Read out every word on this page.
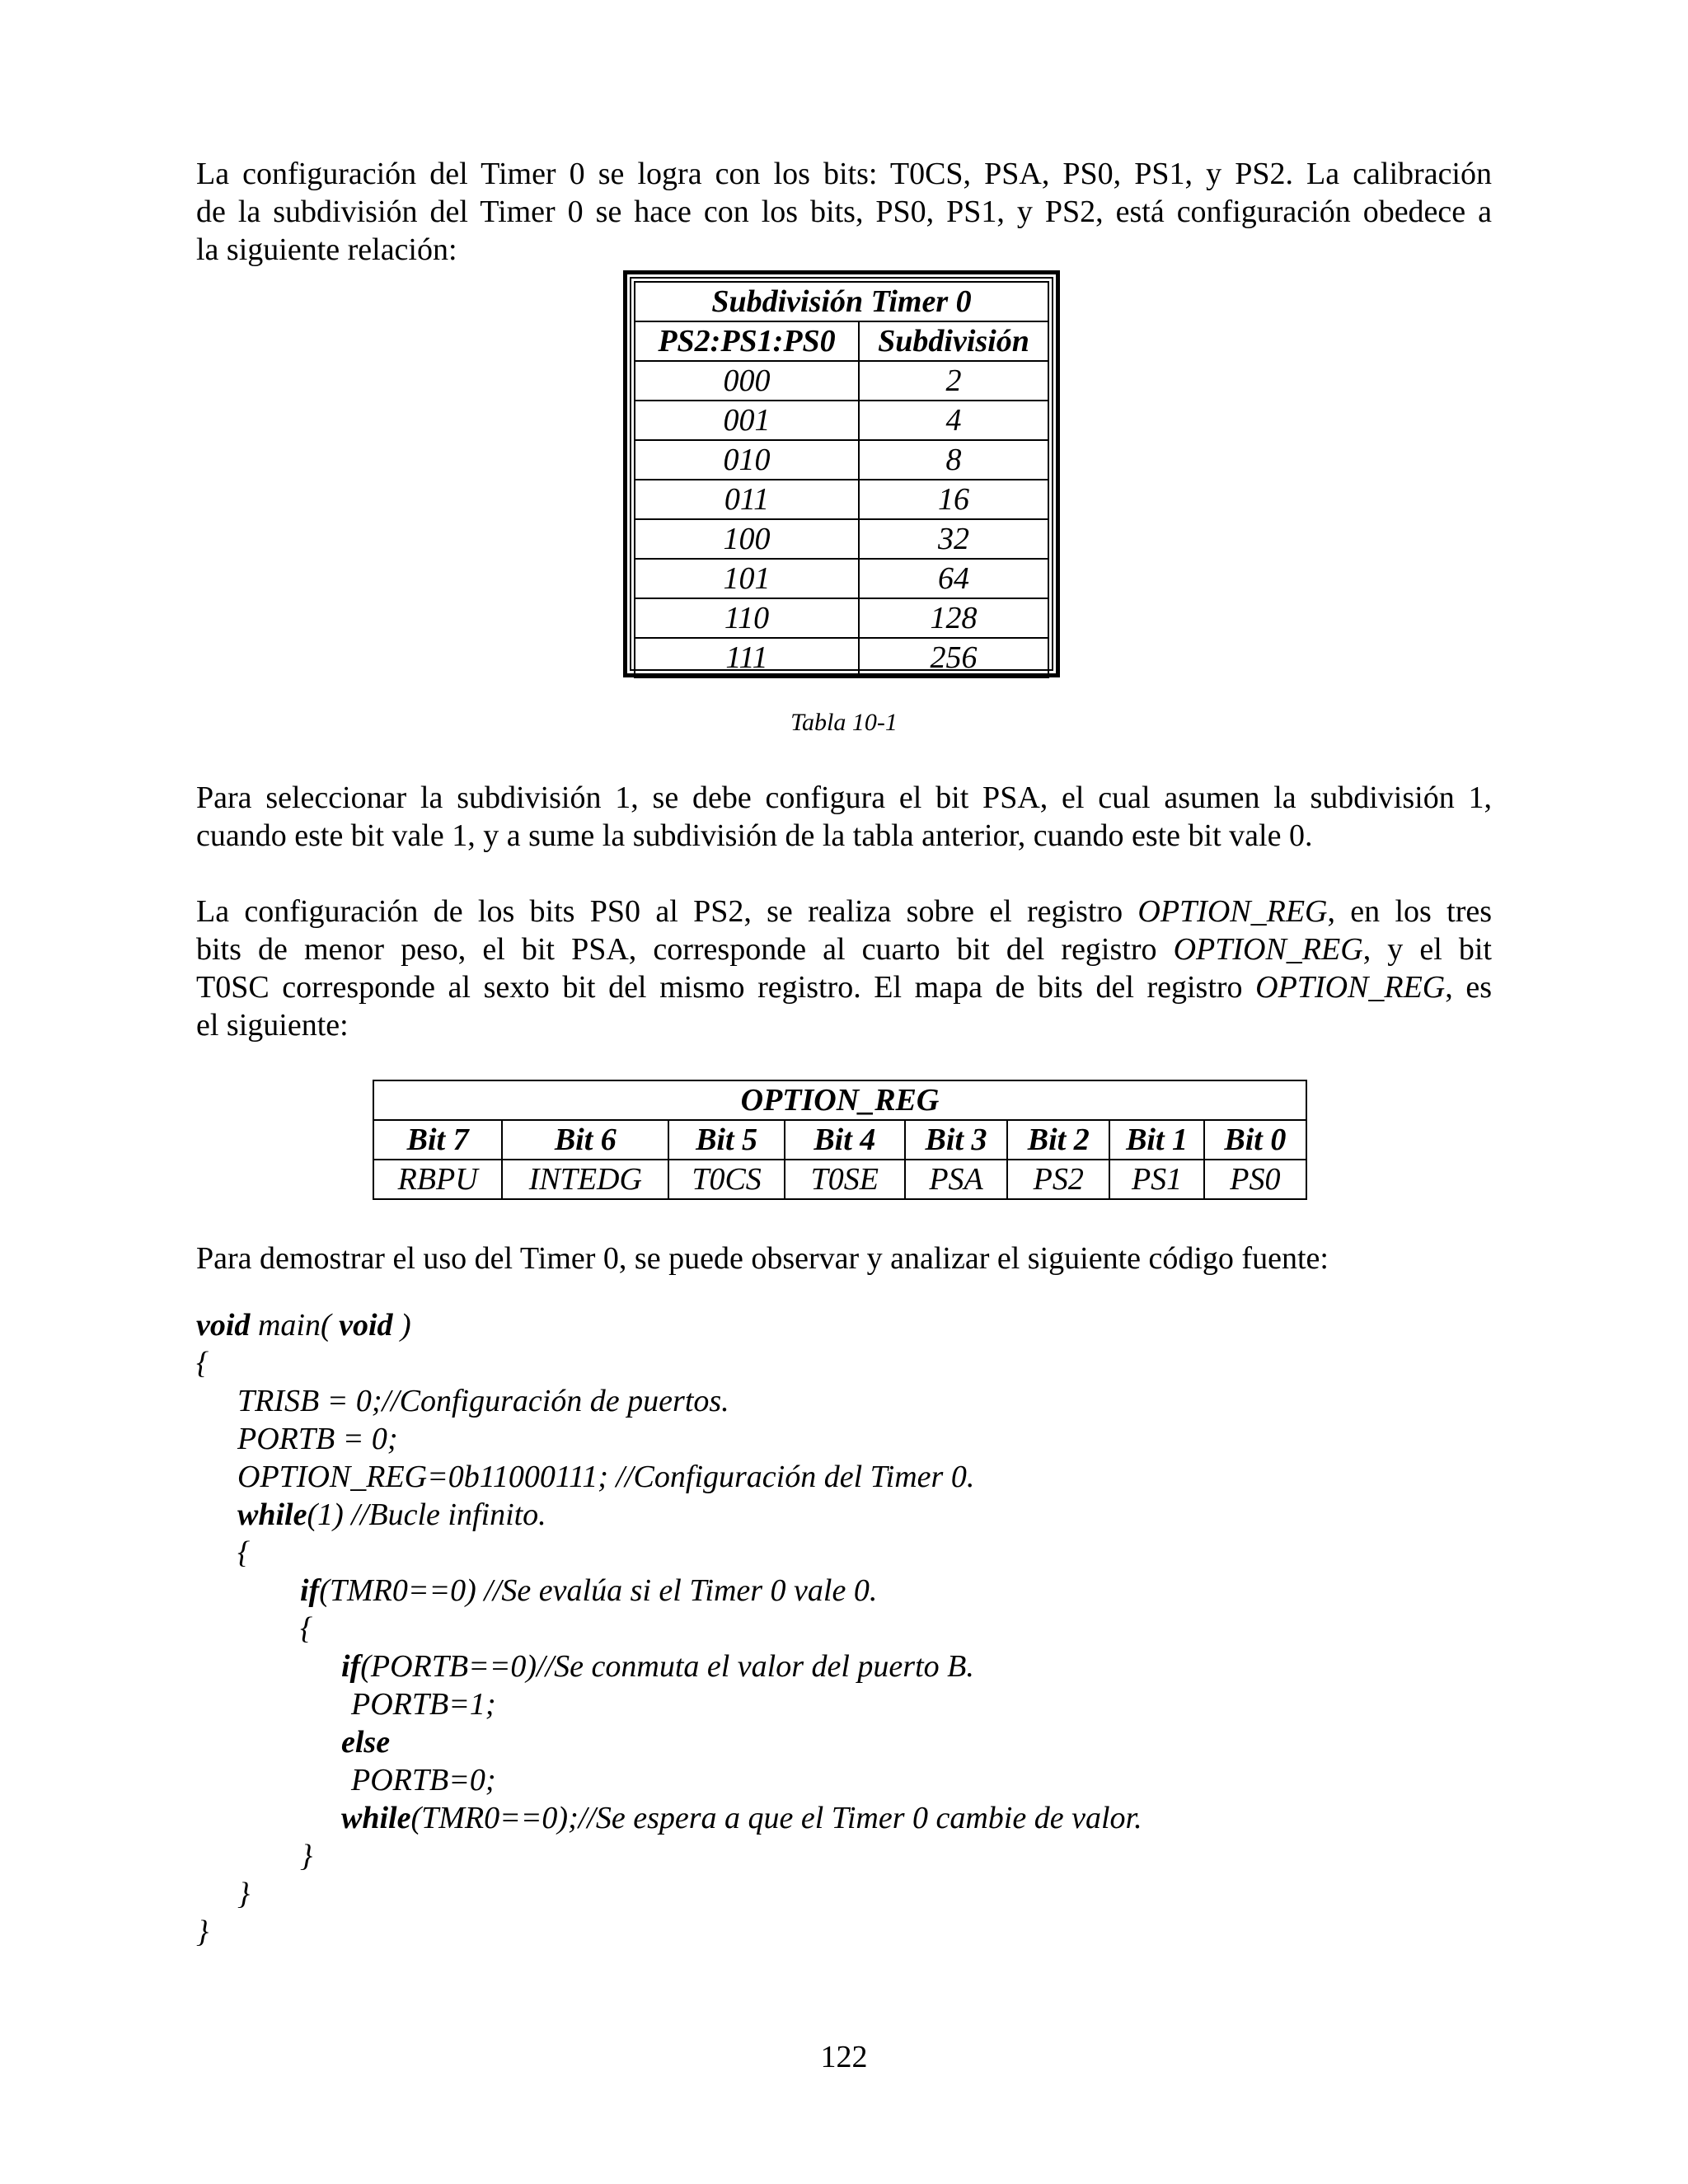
La configuración del Timer 0 se logra con los bits: T0CS, PSA, PS0, PS1, y PS2. La calibración
de la subdivisión del Timer 0 se hace con los bits, PS0, PS1, y PS2, está configuración obedece a
la siguiente relación:
Subdivisión Timer 0	
PS2:PS1:PS0	Subdivisión
000	2
001	4
010	8
011	16
100	32
101	64
110	128
111	256
Tabla 10-1
Para seleccionar la subdivisión 1, se debe configura el bit PSA, el cual asumen la subdivisión 1,
cuando este bit vale 1, y a sume la subdivisión de la tabla anterior, cuando este bit vale 0.
La configuración de los bits PS0 al PS2, se realiza sobre el registro OPTION_REG, en los tres
bits de menor peso, el bit PSA, corresponde al cuarto bit del registro OPTION_REG, y el bit
T0SC corresponde al sexto bit del mismo registro. El mapa de bits del registro OPTION_REG, es
el siguiente:
OPTION_REG							
Bit 7	Bit 6	Bit 5	Bit 4	Bit 3	Bit 2	Bit 1	Bit 0
RBPU	INTEDG	T0CS	T0SE	PSA	PS2	PS1	PS0
Para demostrar el uso del Timer 0, se puede observar y analizar el siguiente código fuente:
void main( void )
{
TRISB = 0;//Configuración de puertos.
PORTB = 0;
OPTION_REG=0b11000111; //Configuración del Timer 0.
while(1) //Bucle infinito.
{
if(TMR0==0) //Se evalúa si el Timer 0 vale 0.
{
if(PORTB==0)//Se conmuta el valor del puerto B.
PORTB=1;
else
PORTB=0;
while(TMR0==0);//Se espera a que el Timer 0 cambie de valor.
}
}
}
122
